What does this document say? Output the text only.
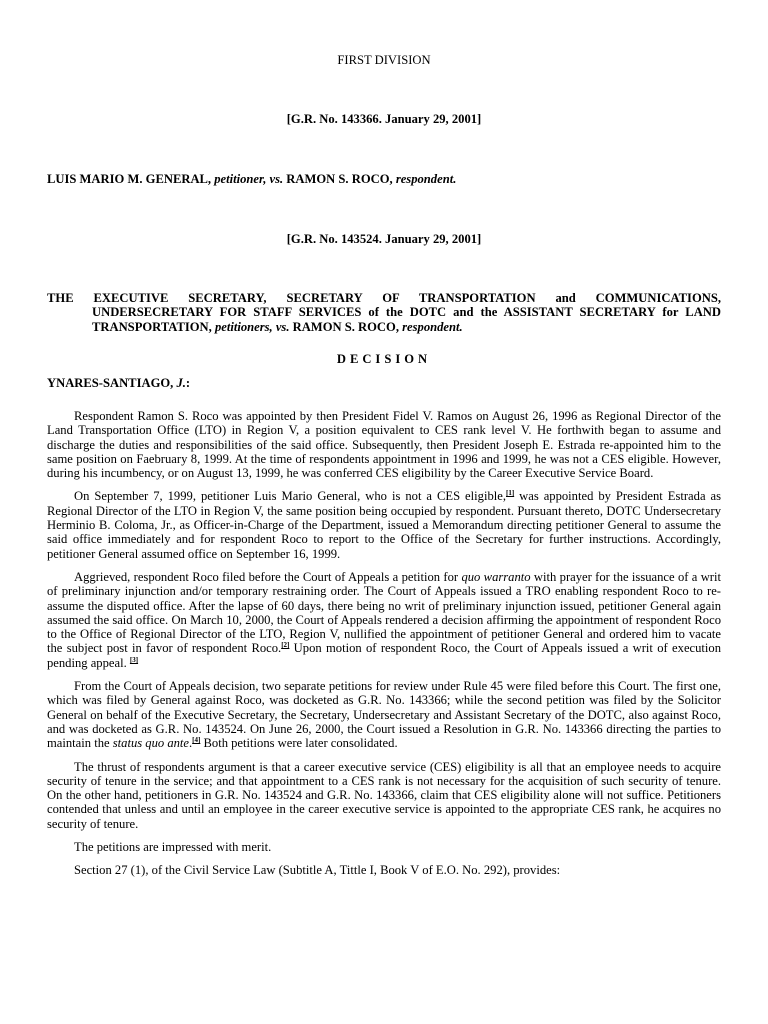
FIRST DIVISION
[G.R. No. 143366. January 29, 2001]
LUIS MARIO M. GENERAL, petitioner, vs. RAMON S. ROCO, respondent.
[G.R. No. 143524. January 29, 2001]
THE EXECUTIVE SECRETARY, SECRETARY OF TRANSPORTATION and COMMUNICATIONS, UNDERSECRETARY FOR STAFF SERVICES of the DOTC and the ASSISTANT SECRETARY for LAND TRANSPORTATION, petitioners, vs. RAMON S. ROCO, respondent.
DECISION
YNARES-SANTIAGO, J.:

Respondent Ramon S. Roco was appointed by then President Fidel V. Ramos on August 26, 1996 as Regional Director of the Land Transportation Office (LTO) in Region V, a position equivalent to CES rank level V. He forthwith began to assume and discharge the duties and responsibilities of the said office. Subsequently, then President Joseph E. Estrada re-appointed him to the same position on Faebruary 8, 1999. At the time of respondents appointment in 1996 and 1999, he was not a CES eligible. However, during his incumbency, or on August 13, 1999, he was conferred CES eligibility by the Career Executive Service Board.

On September 7, 1999, petitioner Luis Mario General, who is not a CES eligible,[1] was appointed by President Estrada as Regional Director of the LTO in Region V, the same position being occupied by respondent. Pursuant thereto, DOTC Undersecretary Herminio B. Coloma, Jr., as Officer-in-Charge of the Department, issued a Memorandum directing petitioner General to assume the said office immediately and for respondent Roco to report to the Office of the Secretary for further instructions. Accordingly, petitioner General assumed office on September 16, 1999.

Aggrieved, respondent Roco filed before the Court of Appeals a petition for quo warranto with prayer for the issuance of a writ of preliminary injunction and/or temporary restraining order. The Court of Appeals issued a TRO enabling respondent Roco to re-assume the disputed office. After the lapse of 60 days, there being no writ of preliminary injunction issued, petitioner General again assumed the said office. On March 10, 2000, the Court of Appeals rendered a decision affirming the appointment of respondent Roco to the Office of Regional Director of the LTO, Region V, nullified the appointment of petitioner General and ordered him to vacate the subject post in favor of respondent Roco.[2] Upon motion of respondent Roco, the Court of Appeals issued a writ of execution pending appeal. [3]

From the Court of Appeals decision, two separate petitions for review under Rule 45 were filed before this Court. The first one, which was filed by General against Roco, was docketed as G.R. No. 143366; while the second petition was filed by the Solicitor General on behalf of the Executive Secretary, the Secretary, Undersecretary and Assistant Secretary of the DOTC, also against Roco, and was docketed as G.R. No. 143524. On June 26, 2000, the Court issued a Resolution in G.R. No. 143366 directing the parties to maintain the status quo ante.[4] Both petitions were later consolidated.

The thrust of respondents argument is that a career executive service (CES) eligibility is all that an employee needs to acquire security of tenure in the service; and that appointment to a CES rank is not necessary for the acquisition of such security of tenure. On the other hand, petitioners in G.R. No. 143524 and G.R. No. 143366, claim that CES eligibility alone will not suffice. Petitioners contended that unless and until an employee in the career executive service is appointed to the appropriate CES rank, he acquires no security of tenure.

The petitions are impressed with merit.

Section 27 (1), of the Civil Service Law (Subtitle A, Tittle I, Book V of E.O. No. 292), provides:
